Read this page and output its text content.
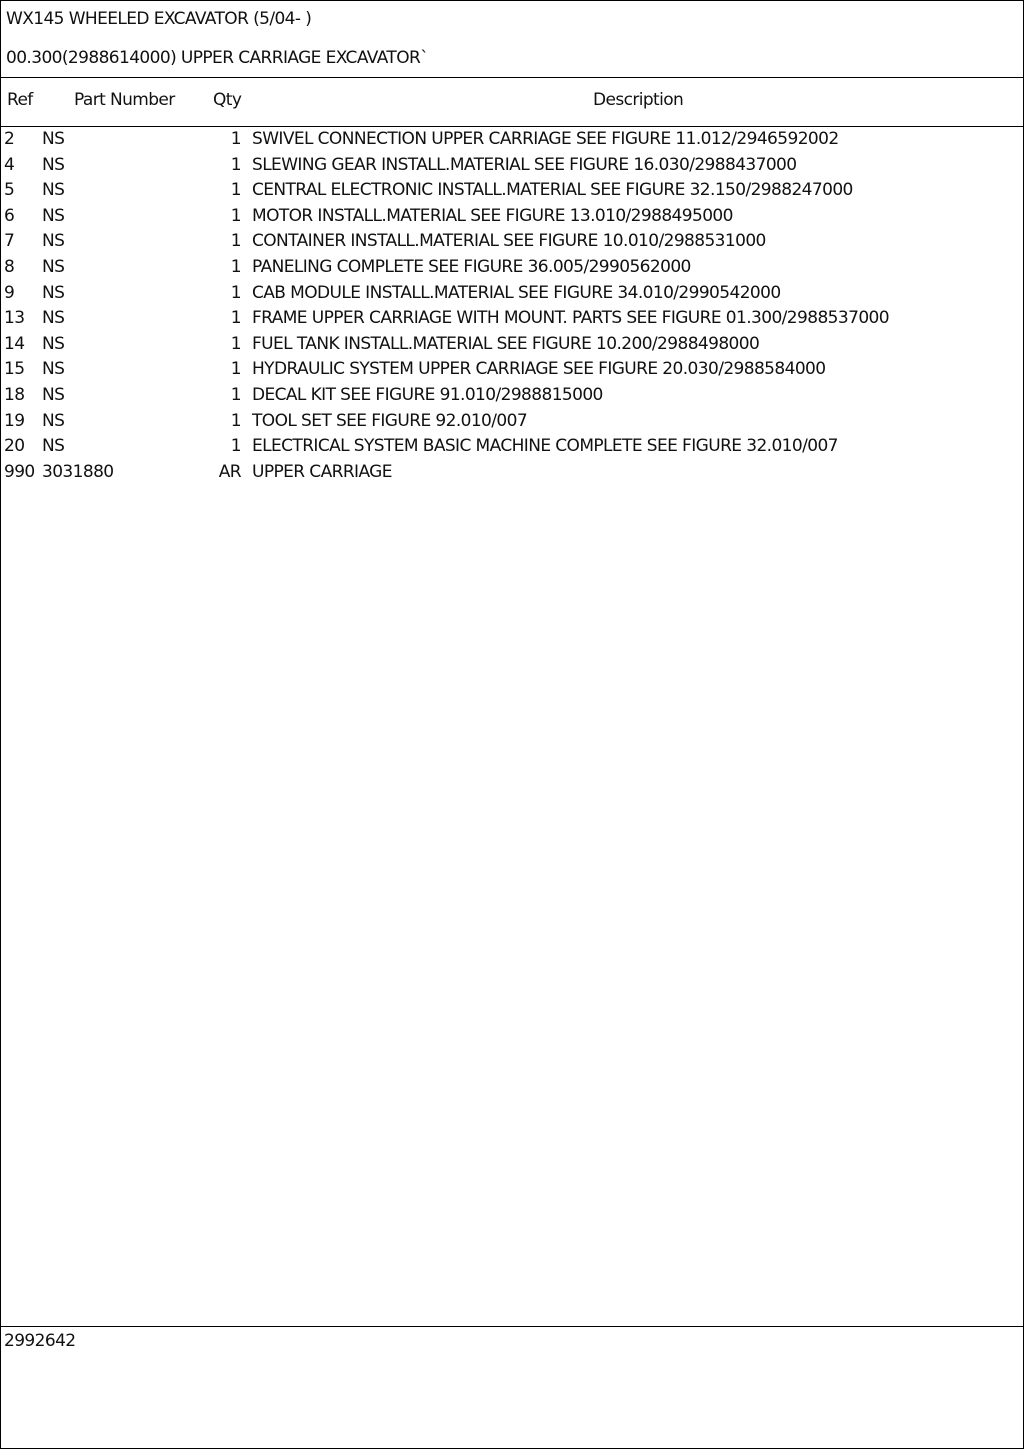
WX145 WHEELED EXCAVATOR (5/04- )
00.300(2988614000) UPPER CARRIAGE EXCAVATOR`
Ref Part Number Qty	Description
2 NS	1 SWIVEL CONNECTION UPPER CARRIAGE SEE FIGURE 11.012/2946592002
4 NS	1 SLEWING GEAR INSTALL.MATERIAL SEE FIGURE 16.030/2988437000
5 NS	1 CENTRAL ELECTRONIC INSTALL.MATERIAL SEE FIGURE 32.150/2988247000
6 NS	1 MOTOR INSTALL.MATERIAL SEE FIGURE 13.010/2988495000
7 NS	1 CONTAINER INSTALL.MATERIAL SEE FIGURE 10.010/2988531000
8 NS	1 PANELING COMPLETE SEE FIGURE 36.005/2990562000
9 NS	1 CAB MODULE INSTALL.MATERIAL SEE FIGURE 34.010/2990542000
13 NS	1 FRAME UPPER CARRIAGE WITH MOUNT. PARTS SEE FIGURE 01.300/2988537000
14 NS	1 FUEL TANK INSTALL.MATERIAL SEE FIGURE 10.200/2988498000
15 NS	1 HYDRAULIC SYSTEM UPPER CARRIAGE SEE FIGURE 20.030/2988584000
18 NS	1 DECAL KIT SEE FIGURE 91.010/2988815000
19 NS	1 TOOL SET SEE FIGURE 92.010/007
20 NS	1 ELECTRICAL SYSTEM BASIC MACHINE COMPLETE SEE FIGURE 32.010/007
990 3031880	AR UPPER CARRIAGE
2992642
